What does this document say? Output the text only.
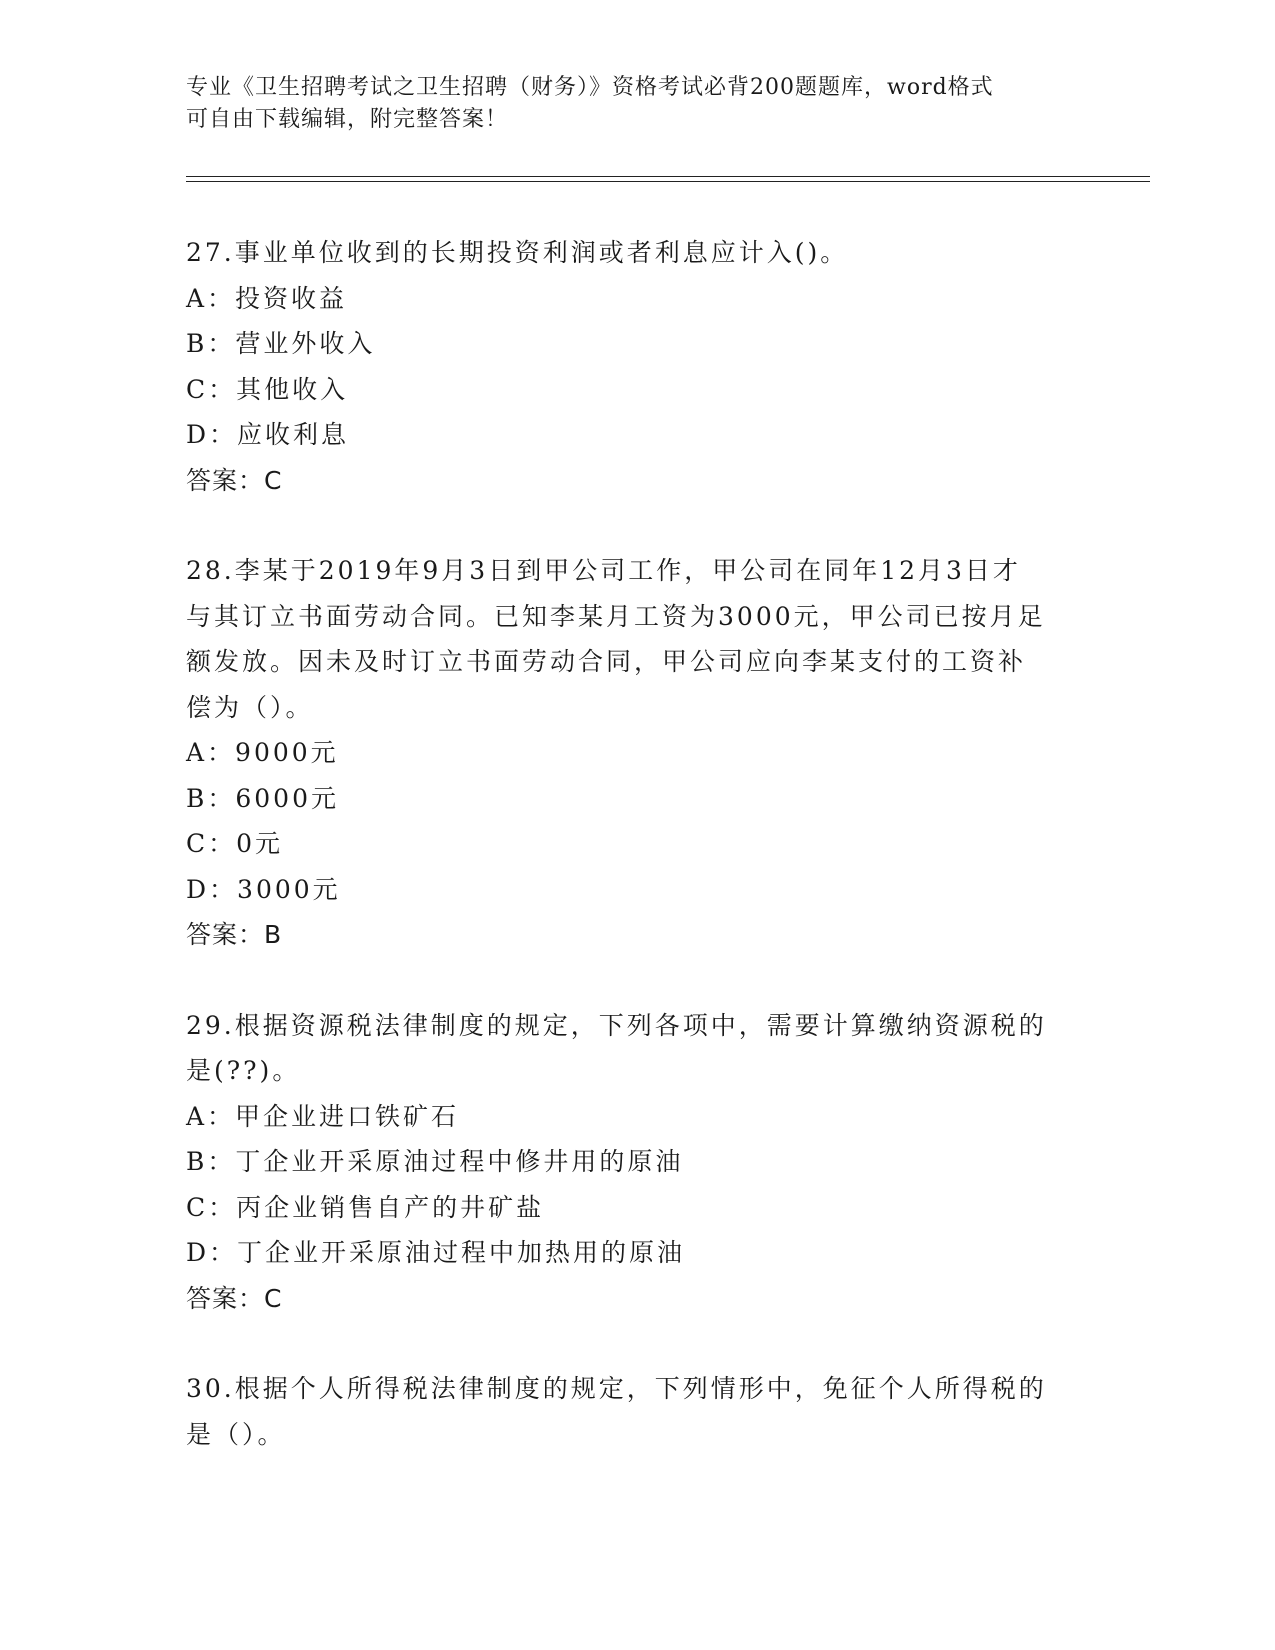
专业《卫生招聘考试之卫生招聘（财务）》资格考试必背200题题库，word格式

可自由下载编辑，附完整答案！

27.事业单位收到的长期投资利润或者利息应计入()。

A：投资收益

B：营业外收入

C：其他收入

D：应收利息

答案：C

28.李某于2019年9月3日到甲公司工作，甲公司在同年12月3日才
与其订立书面劳动合同。已知李某月工资为3000元，甲公司已按月足
额发放。因未及时订立书面劳动合同，甲公司应向李某支付的工资补
偿为（）。

A：9000元

B：6000元

C：0元

D：3000元

答案：B

29.根据资源税法律制度的规定，下列各项中，需要计算缴纳资源税的
是(??)。

A：甲企业进口铁矿石

B：丁企业开采原油过程中修井用的原油

C：丙企业销售自产的井矿盐

D：丁企业开采原油过程中加热用的原油

答案：C

30.根据个人所得税法律制度的规定，下列情形中，免征个人所得税的
是（）。
